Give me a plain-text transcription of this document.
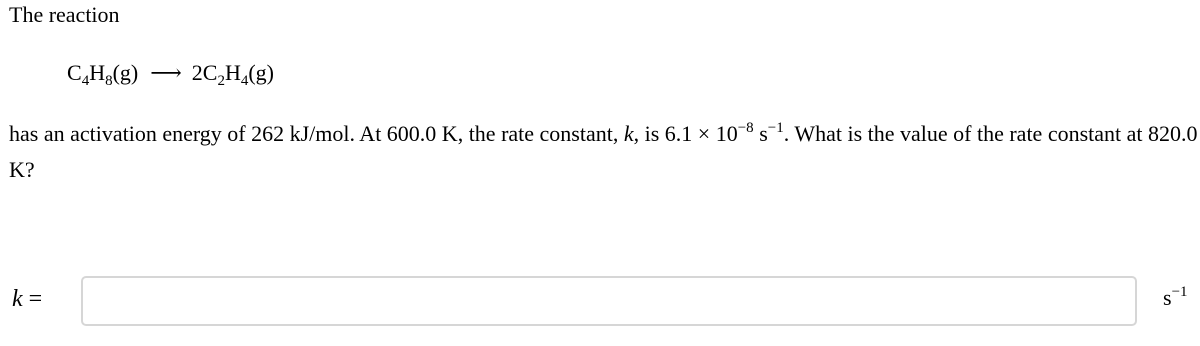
The reaction
$C_4H_8(g)$ ⟶ $2C_2H_4(g)$
has an activation energy of 262 kJ/mol. At 600.0 K, the rate constant, k, is $6.1 \times 10^{-8}$ $s^{-1}$. What is the value of the rate constant at 820.0 K?
k =	$s^{-1}$
